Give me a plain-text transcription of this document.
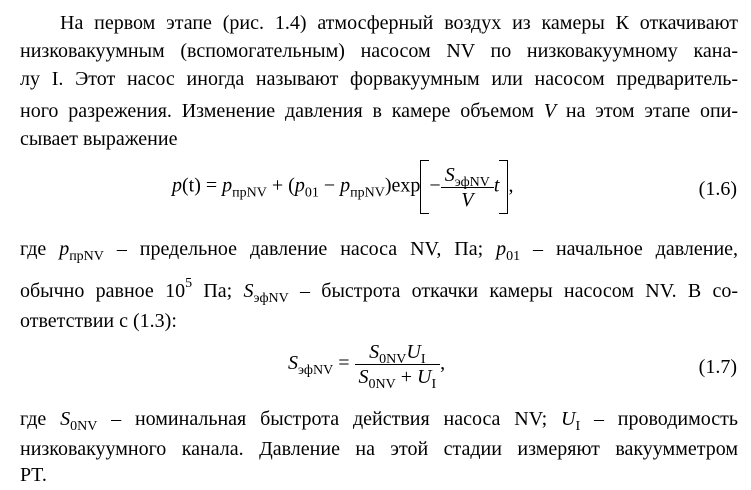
На первом этапе (рис. 1.4) атмосферный воздух из камеры К откачивают
низковакуумным (вспомогательным) насосом NV по низковакуумному кана-
лу I. Этот насос иногда называют форвакуумным или насосом предваритель-
ного разрежения. Изменение давления в камере объемом V на этом этапе опи-
сывает выражение
$p(t) = p_{прNV} + (p_{01} - p_{прNV})\exp - \frac{S_{эфNV}}{V}$ t ,	(1.6)
где $p_{прNV}$ – предельное давление насоса NV, Па; $p_{01}$ – начальное давление,
обычно равное $10^5$ Па; $S_{эфNV}$ – быстрота откачки камеры насосом NV. В со-
ответствии с (1.3):
$S_{эфNV} = \frac{S_{0NV}U_I}{S_{0NV} + U_I}$ ,	(1.7)
где $S_{0NV}$ – номинальная быстрота действия насоса NV; $U_I$ – проводимость
низковакуумного канала. Давление на этой стадии измеряют вакуумметром
PT.
